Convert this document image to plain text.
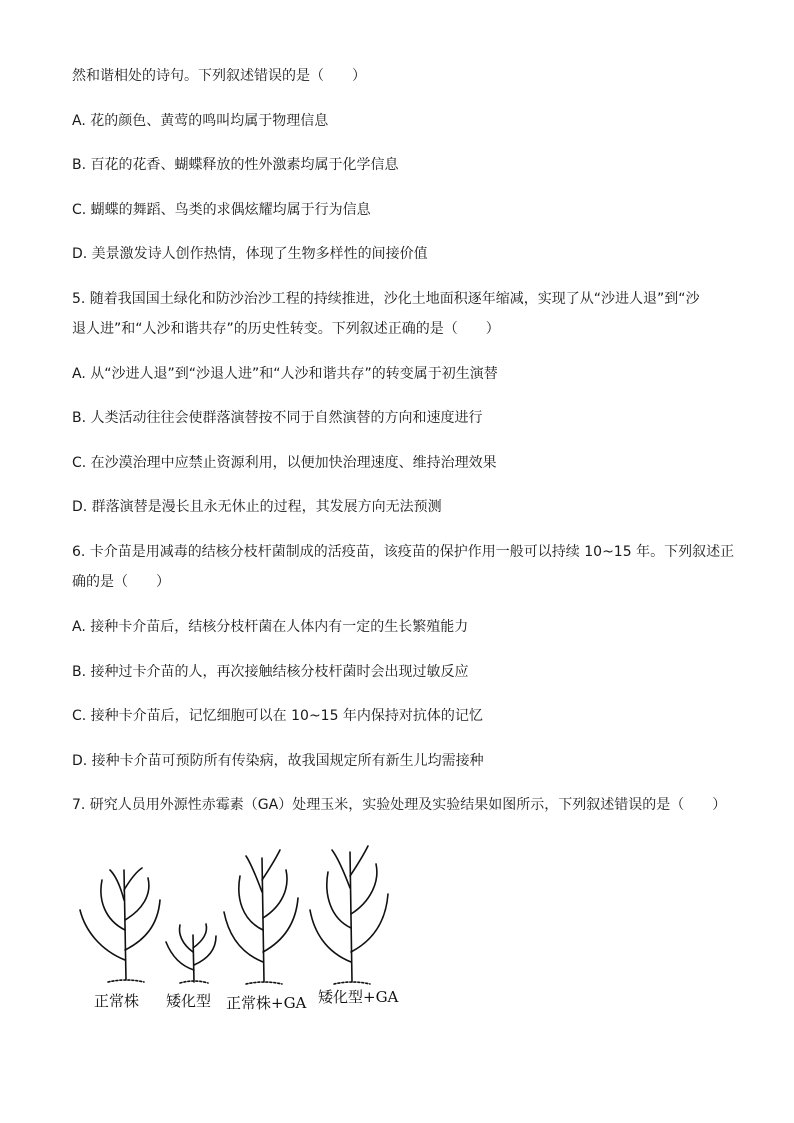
然和谐相处的诗句。下列叙述错误的是（　　）

A. 花的颜色、黄莺的鸣叫均属于物理信息

B. 百花的花香、蝴蝶释放的性外激素均属于化学信息

C. 蝴蝶的舞蹈、鸟类的求偶炫耀均属于行为信息

D. 美景激发诗人创作热情，体现了生物多样性的间接价值

5. 随着我国国土绿化和防沙治沙工程的持续推进，沙化土地面积逐年缩减，实现了从“沙进人退”到“沙

退人进”和“人沙和谐共存”的历史性转变。下列叙述正确的是（　　）

A. 从“沙进人退”到“沙退人进”和“人沙和谐共存”的转变属于初生演替

B. 人类活动往往会使群落演替按不同于自然演替的方向和速度进行

C. 在沙漠治理中应禁止资源利用，以便加快治理速度、维持治理效果

D. 群落演替是漫长且永无休止的过程，其发展方向无法预测

6. 卡介苗是用减毒的结核分枝杆菌制成的活疫苗，该疫苗的保护作用一般可以持续 10~15 年。下列叙述正

确的是（　　）

A. 接种卡介苗后，结核分枝杆菌在人体内有一定的生长繁殖能力

B. 接种过卡介苗的人，再次接触结核分枝杆菌时会出现过敏反应

C. 接种卡介苗后，记忆细胞可以在 10~15 年内保持对抗体的记忆

D. 接种卡介苗可预防所有传染病，故我国规定所有新生儿均需接种

7. 研究人员用外源性赤霉素（GA）处理玉米，实验处理及实验结果如图所示，下列叙述错误的是（　　）

正常株 矮化型 正常株+GA 矮化型+GA
